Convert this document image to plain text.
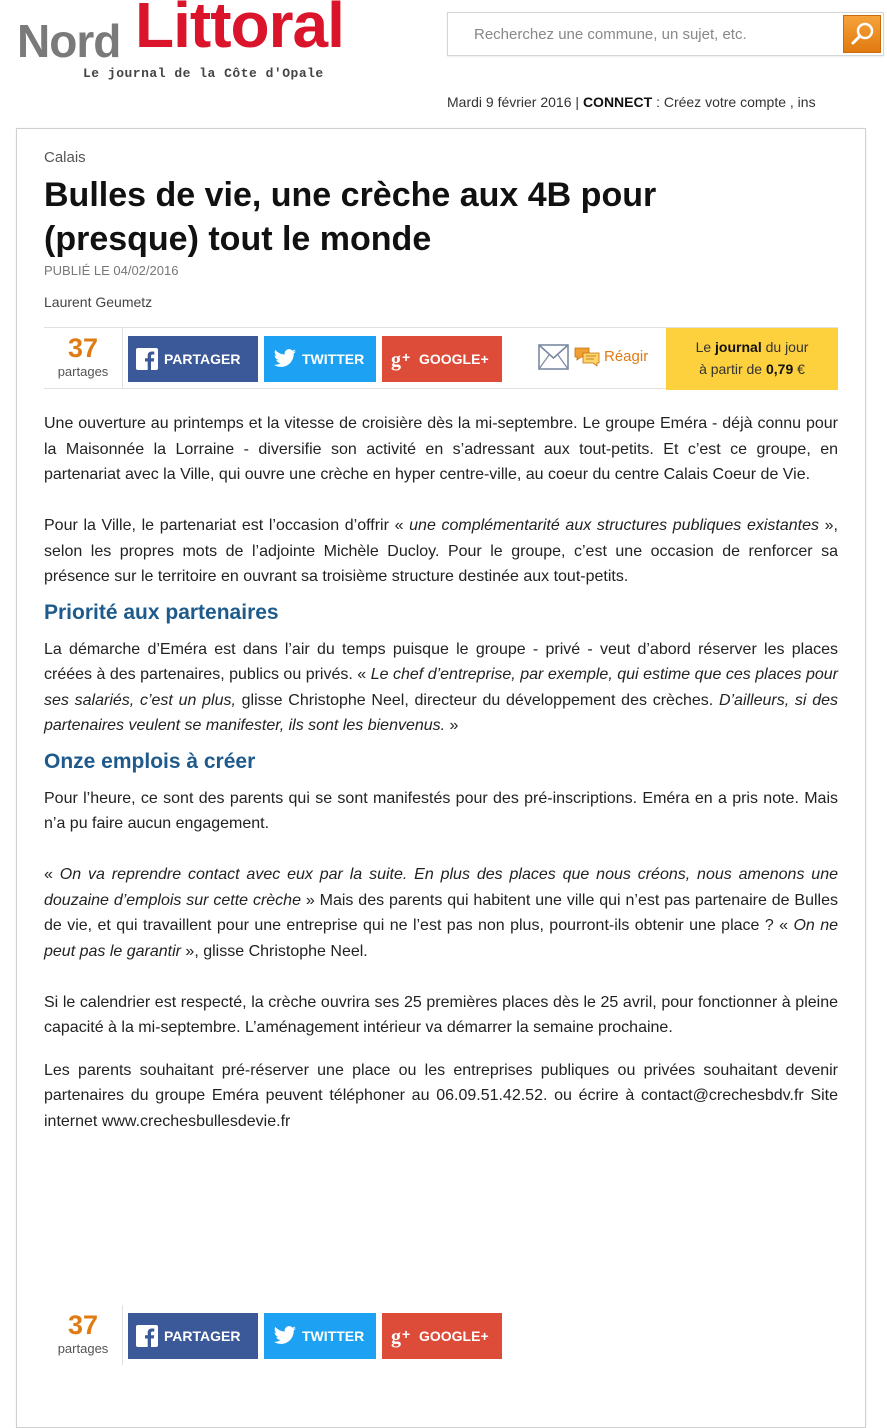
Nord Littoral
Le journal de la Côte d'Opale
Recherchez une commune, un sujet, etc.
Mardi 9 février 2016 | CONNECT : Créez votre compte , ins
Calais
Bulles de vie, une crèche aux 4B pour (presque) tout le monde
PUBLIÉ LE 04/02/2016
Laurent Geumetz
37
partages
PARTAGER	TWITTER g + GOOGLE+	Réagir
Le journal du jour
à partir de 0,79 €

Une ouverture au printemps et la vitesse de croisière dès la mi-septembre. Le groupe Eméra - déjà connu pour la Maisonnée la Lorraine - diversifie son activité en s’adressant aux tout-petits. Et c’est ce groupe, en partenariat avec la Ville, qui ouvre une crèche en hyper centre-ville, au coeur du centre Calais Coeur de Vie.

Pour la Ville, le partenariat est l’occasion d’offrir « une complémentarité aux structures publiques existantes », selon les propres mots de l’adjointe Michèle Ducloy. Pour le groupe, c’est une occasion de renforcer sa présence sur le territoire en ouvrant sa troisième structure destinée aux tout-petits.

Priorité aux partenaires

La démarche d’Eméra est dans l’air du temps puisque le groupe - privé - veut d’abord réserver les places créées à des partenaires, publics ou privés. « Le chef d’entreprise, par exemple, qui estime que ces places pour ses salariés, c’est un plus, glisse Christophe Neel, directeur du développement des crèches. D’ailleurs, si des partenaires veulent se manifester, ils sont les bienvenus. »

Onze emplois à créer

Pour l’heure, ce sont des parents qui se sont manifestés pour des pré-inscriptions. Eméra en a pris note. Mais n’a pu faire aucun engagement.

« On va reprendre contact avec eux par la suite. En plus des places que nous créons, nous amenons une douzaine d’emplois sur cette crèche » Mais des parents qui habitent une ville qui n’est pas partenaire de Bulles de vie, et qui travaillent pour une entreprise qui ne l’est pas non plus, pourront-ils obtenir une place ? « On ne peut pas le garantir », glisse Christophe Neel.

Si le calendrier est respecté, la crèche ouvrira ses 25 premières places dès le 25 avril, pour fonctionner à pleine capacité à la mi-septembre. L’aménagement intérieur va démarrer la semaine prochaine.

Les parents souhaitant pré-réserver une place ou les entreprises publiques ou privées souhaitant devenir partenaires du groupe Eméra peuvent téléphoner au 06.09.51.42.52. ou écrire à contact@crechesbdv.fr Site internet www.crechesbullesdevie.fr

37
partages
PARTAGER	TWITTER g + GOOGLE+
